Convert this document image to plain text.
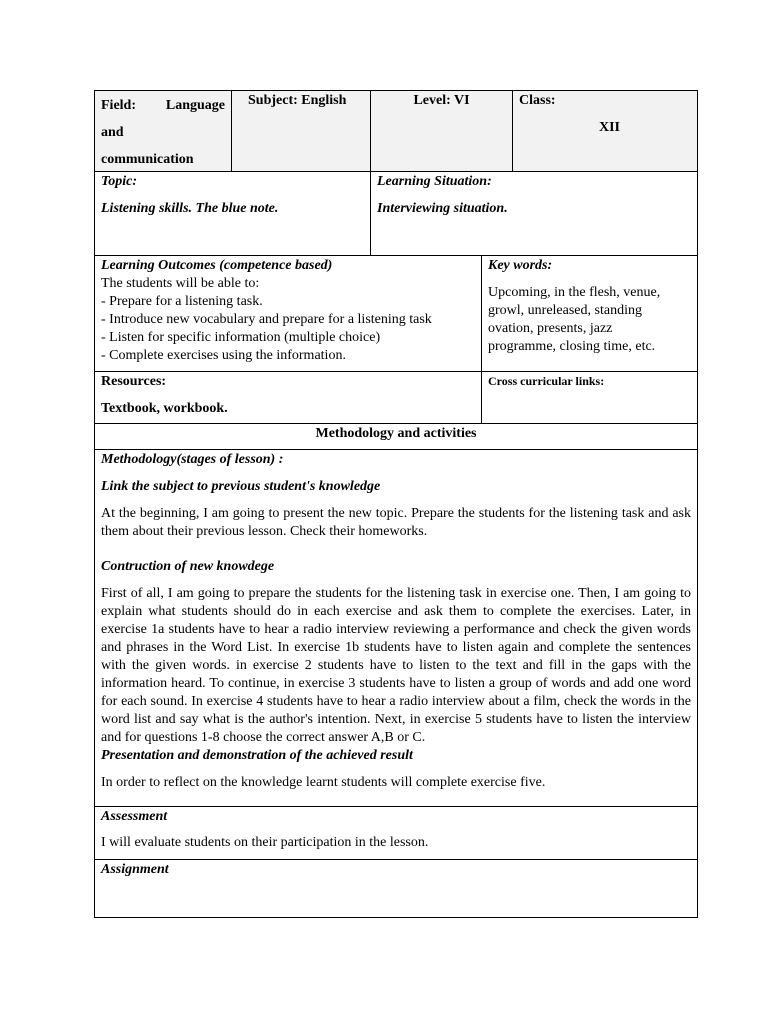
Field: Language
and
communication
Subject: English	Level: VI	Class:
XII
Topic:
Listening skills. The blue note.
Learning Situation:
Interviewing situation.
Learning Outcomes (competence based)
The students will be able to:
- Prepare for a listening task.
- Introduce new vocabulary and prepare for a listening task
- Listen for specific information (multiple choice)
- Complete exercises using the information.
Key words:
Upcoming, in the flesh, venue,
growl, unreleased, standing
ovation, presents, jazz
programme, closing time, etc.
Resources:
Textbook, workbook.
Cross curricular links:
Methodology and activities
Methodology(stages of lesson) :
Link the subject to previous student's knowledge

At the beginning, I am going to present the new topic. Prepare the students for the listening task and ask them about their previous lesson. Check their homeworks.

Contruction of new knowdege

First of all, I am going to prepare the students for the listening task in exercise one. Then, I am going to explain what students should do in each exercise and ask them to complete the exercises. Later, in exercise 1a students have to hear a radio interview reviewing a performance and check the given words and phrases in the Word List. In exercise 1b students have to listen again and complete the sentences with the given words. in exercise 2 students have to listen to the text and fill in the gaps with the information heard. To continue, in exercise 3 students have to listen a group of words and add one word for each sound. In exercise 4 students have to hear a radio interview about a film, check the words in the word list and say what is the author's intention. Next, in exercise 5 students have to listen the interview and for questions 1-8 choose the correct answer A,B or C.

Presentation and demonstration of the achieved result

In order to reflect on the knowledge learnt students will complete exercise five.

Assessment
I will evaluate students on their participation in the lesson.
Assignment
